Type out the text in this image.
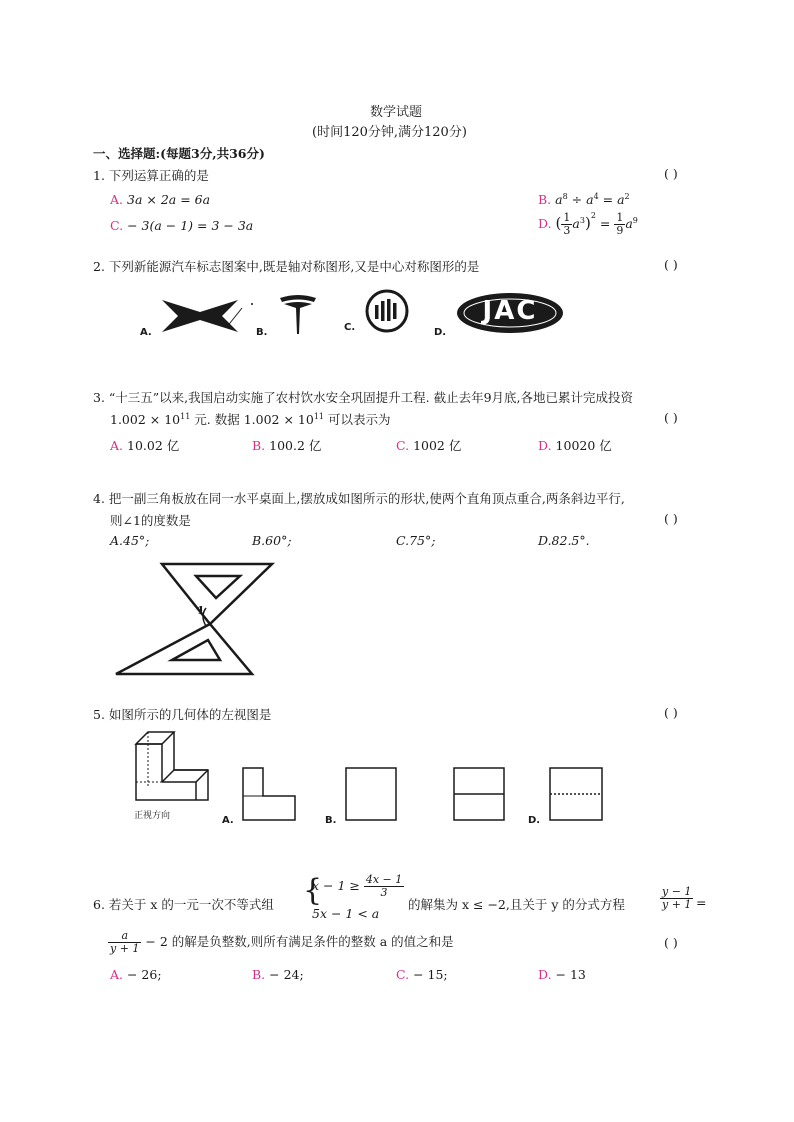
数学试题
(时间120分钟,满分120分)
一、选择题:(每题3分,共36分)
1. 下列运算正确的是	( )
A. 3a × 2a = 6a	B. $a^8 \div a^4 = a^2$
C. − 3(a − 1) = 3 − 3a	D. ( $\frac{1}{3} a^3)^2 = \frac{1}{9} a^9$
2. 下列新能源汽车标志图案中,既是轴对称图形,又是中心对称图形的是	( )
A.	B.	C.
JAC
D.
3. “十三五”以来,我国启动实施了农村饮水安全巩固提升工程. 截止去年9月底,各地已累计完成投资
$1.002 \times 10^{11}$ 元. 数据 $1.002 \times 10^{11}$ 可以表示为	( )
A. 10.02 亿	B. 100.2 亿	C. 1002 亿	D. 10020 亿
4. 把一副三角板放在同一水平桌面上,摆放成如图所示的形状,使两个直角顶点重合,两条斜边平行,
则∠1的度数是	( )
A.45°;	B.60°;	C.75°;	D.82.5°.
1
5. 如图所示的几何体的左视图是	( )
正视方向	A.	B.	D.
6. 若关于 x 的一元一次不等式组 {
$x - 1 \ge \frac{4x - 1}{3}$
5x − 1 < a
的解集为 x ≤ −2,且关于 y 的分式方程	$\frac{y - 1}{y + 1}$ =
$\frac{a}{y + 1} - 2$ 的解是负整数,则所有满足条件的整数 a 的值之和是	( )
A. − 26;	B. − 24;	C. − 15;	D. − 13
